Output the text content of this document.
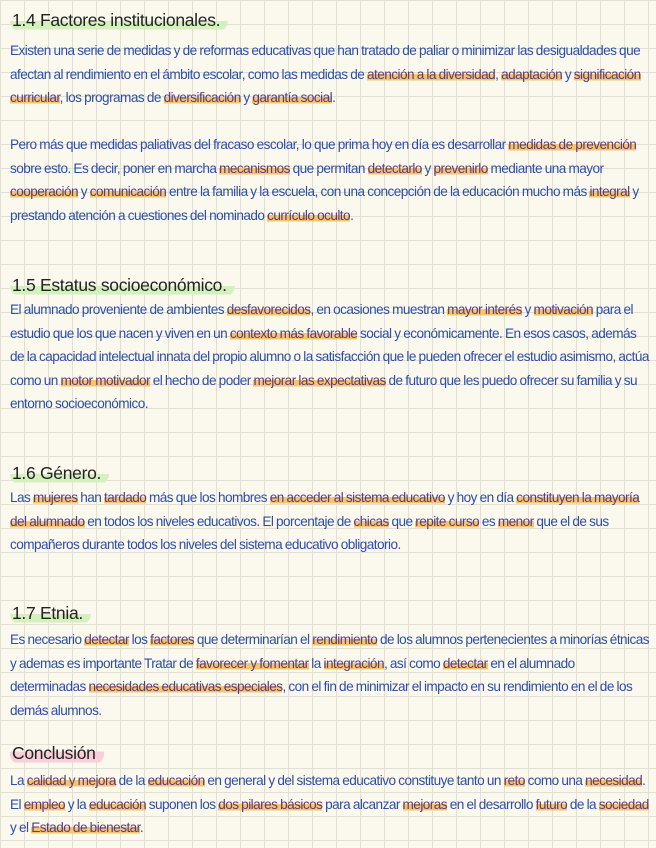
1.4 Factores institucionales.

Existen una serie de medidas y de reformas educativas que han tratado de paliar o minimizar las desigualdades que afectan al rendimiento en el ámbito escolar, como las medidas de atención a la diversidad, adaptación y significación curricular, los programas de diversificación y garantía social.

Pero más que medidas paliativas del fracaso escolar, lo que prima hoy en día es desarrollar medidas de prevención sobre esto. Es decir, poner en marcha mecanismos que permitan detectarlo y prevenirlo mediante una mayor cooperación y comunicación entre la familia y la escuela, con una concepción de la educación mucho más integral y prestando atención a cuestiones del nominado currículo oculto.

1.5 Estatus socioeconómico.

El alumnado proveniente de ambientes desfavorecidos, en ocasiones muestran mayor interés y motivación para el estudio que los que nacen y viven en un contexto más favorable social y económicamente. En esos casos, además de la capacidad intelectual innata del propio alumno o la satisfacción que le pueden ofrecer el estudio asimismo, actúa como un motor motivador el hecho de poder mejorar las expectativas de futuro que les puedo ofrecer su familia y su entorno socioeconómico.

1.6 Género.

Las mujeres han tardado más que los hombres en acceder al sistema educativo y hoy en día constituyen la mayoría del alumnado en todos los niveles educativos. El porcentaje de chicas que repite curso es menor que el de sus compañeros durante todos los niveles del sistema educativo obligatorio.

1.7 Etnia.

Es necesario detectar los factores que determinarían el rendimiento de los alumnos pertenecientes a minorías étnicas y ademas es importante Tratar de favorecer y fomentar la integración, así como detectar en el alumnado determinadas necesidades educativas especiales, con el fin de minimizar el impacto en su rendimiento en el de los demás alumnos.

Conclusión

La calidad y mejora de la educación en general y del sistema educativo constituye tanto un reto como una necesidad. El empleo y la educación suponen los dos pilares básicos para alcanzar mejoras en el desarrollo futuro de la sociedad y el Estado de bienestar.
